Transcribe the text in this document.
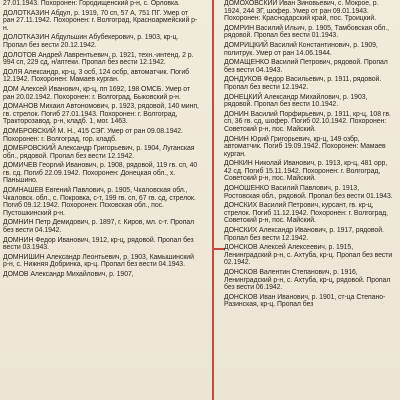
27.01.1943. Похоронен: Городищенский р-н, с. Орловка.
ДОЛОТКАЗИН Абдул, р. 1919, 70 сп, 57 А, 751 ПГ. Умер от ран 27.11.1942. Похоронен: г. Волгоград, Красноармейский р-н.
ДОЛОТКАЗИН Абдульшин Абубекерович, р. 1903, кр-ц. Пропал без вести 20.12.1942.
ДОЛОТОВ Андрей Лаврентьевич, р. 1921, техн.-интенд. 2 р. 994 сп, 229 сд, н/аптеки. Пропал без вести 12.1942.
ДОЛЯ Александр, кр-ц, 3 осб, 124 осбр, автоматчик. Погиб 12.1942. Похоронен: Мамаев курган.
ДОМ Алексей Иванович, кр-ц, пп 1692, 198 ОМСБ. Умер от ран 20.02.1942. Похоронен: г. Волгоград, Быковский р-н.
ДОМАНОВ Михаил Автономович, р. 1923, рядовой, 140 минп, гв. стрелок. Погиб 27.01.1943. Похоронен: г. Волгоград, Тракторозавод. р-н, кладб. 1, мог. 1463.
ДОМБРОВСКИЙ М. Н., 415 СЭГ. Умер от ран 09.08.1942. Похоронен: г. Волгоград, гор. кладб.
ДОМБРОВСКИЙ Александр Григорьевич, р. 1904, Луганская обл., рядовой. Пропал без вести 12.1942.
ДОМИЧЕВ Георгий Иванович, р. 1908, рядовой, 119 гв. сп, 40 гв. сд. Погиб 22.09.1942. Похоронен: Донецкая обл., х. Паньшино.
ДОМНАШЕВ Евгений Павлович, р. 1905, Чкаловская обл., Чкаловск. обл., с. Покровка, с-т, 199 гв. сп, 67 гв. сд, стрелок. Погиб 09.12.1942. Похоронен: Псковская обл., пос. Пустошкинский р-н.
ДОМНИН Петр Демидович, р. 1897, г. Киров, мл. с-т. Пропал без вести 04.1942.
ДОМНИН Федор Иванович, 1912, кр-ц, рядовой. Пропал без вести 03.1943.
ДОМНИШИН Александр Леонтьевич, р. 1903, Камышинский р-н, с. Нижняя Добринка, кр-ц. Пропал без вести 04.1943.
ДОМОВ Александр Михайлович, р. 1907,
ДОМОХОВСКИЙ Иван Зиновьевич, с. Мокрое, р. 1924, 244 ЗГ, шофер. Умер от ран 09.01.1943. Похоронен: Краснодарский край, пос. Троицкий.
ДОМРИН Василий Ильич, р. 1905, Тамбовская обл., рядовой. Пропал без вести 01.1943.
ДОМРИЦКИЙ Василий Константинович, р. 1909, политрук. Умер от ран 14.06.1944.
ДОМАЩЕНКО Василий Петрович, рядовой. Пропал без вести 04.1943.
ДОНДУКОВ Федор Васильевич, р. 1911, рядовой. Пропал без вести 12.1942.
ДОНЕЦКИЙ Александр Михайлович, р. 1903, рядовой. Пропал без вести 10.1942.
ДОНИН Василий Порфирьевич, р. 1911, кр-ц, 108 гв. сп, 36 гв. сд, шофер. Погиб 02.10.1942. Похоронен: Советский р-н, пос. Майский.
ДОНИН Юрий Григорьевич, кр-ц, 149 озбр, автоматчик. Погиб 19.09.1942. Похоронен: Мамаев курган.
ДОНКИН Николай Иванович, р. 1913, кр-ц, 481 орр, 42 сд. Погиб 15.11.1942. Похоронен: г. Волгоград, Советский р-н, пос. Майский.
ДОНОШЕНКО Василий Павлович, р. 1913, Ростовская обл., рядовой. Пропал без вести 01.1943.
ДОНСКИХ Василий Петрович, курсант, гв. кр-ц, стрелок. Погиб 11.12.1942. Похоронен: г. Волгоград, Советский р-н, пос. Майский.
ДОНСКИХ Александр Иванович, р. 1917, рядовой. Пропал без вести 12.1942.
ДОНСКОВ Алексей Алексеевич, р. 1915, Ленинградский р-н, с. Ахтуба, кр-ц. Пропал без вести 02.1942.
ДОНСКОВ Валентин Степанович, р. 1916, Ленинградский р-н, с. Ахтуба, кр-ц, рядовой. Пропал без вести 06.1942.
ДОНСКОВ Иван Иванович, р. 1901, ст-ца Степано-Разинская, кр-ц. Пропал без
